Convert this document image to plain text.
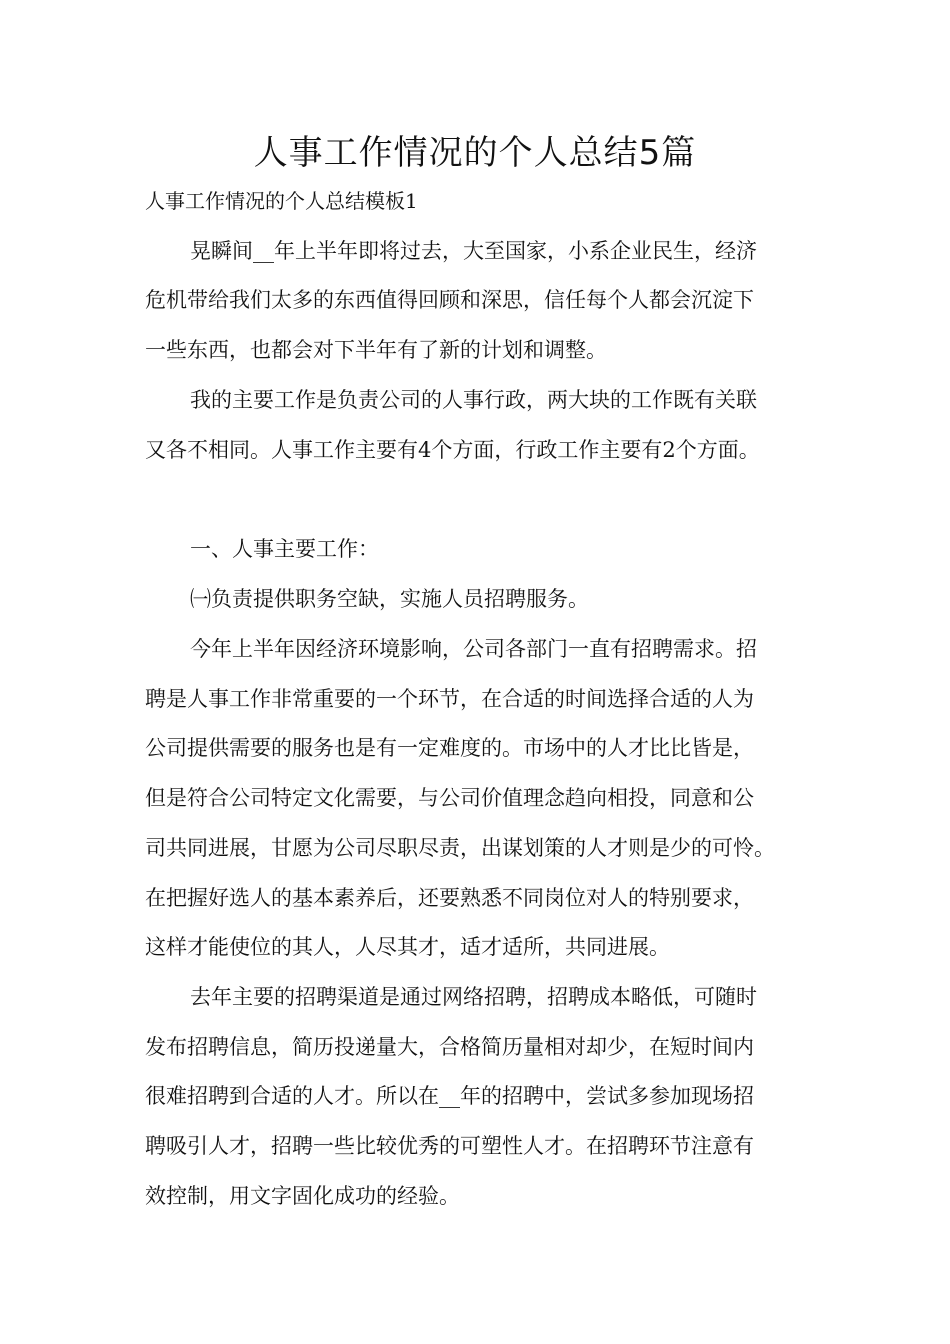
人事工作情况的个人总结5篇
人事工作情况的个人总结模板1

晃瞬间__年上半年即将过去，大至国家，小系企业民生，经济

危机带给我们太多的东西值得回顾和深思，信任每个人都会沉淀下

一些东西，也都会对下半年有了新的计划和调整。

我的主要工作是负责公司的人事行政，两大块的工作既有关联

又各不相同。人事工作主要有4个方面，行政工作主要有2个方面。

一、人事主要工作：

㈠负责提供职务空缺，实施人员招聘服务。

今年上半年因经济环境影响，公司各部门一直有招聘需求。招

聘是人事工作非常重要的一个环节，在合适的时间选择合适的人为

公司提供需要的服务也是有一定难度的。市场中的人才比比皆是，

但是符合公司特定文化需要，与公司价值理念趋向相投，同意和公

司共同进展，甘愿为公司尽职尽责，出谋划策的人才则是少的可怜。

在把握好选人的基本素养后，还要熟悉不同岗位对人的特别要求，

这样才能使位的其人，人尽其才，适才适所，共同进展。

去年主要的招聘渠道是通过网络招聘，招聘成本略低，可随时

发布招聘信息，简历投递量大，合格简历量相对却少，在短时间内

很难招聘到合适的人才。所以在__年的招聘中，尝试多参加现场招

聘吸引人才，招聘一些比较优秀的可塑性人才。在招聘环节注意有

效控制，用文字固化成功的经验。
